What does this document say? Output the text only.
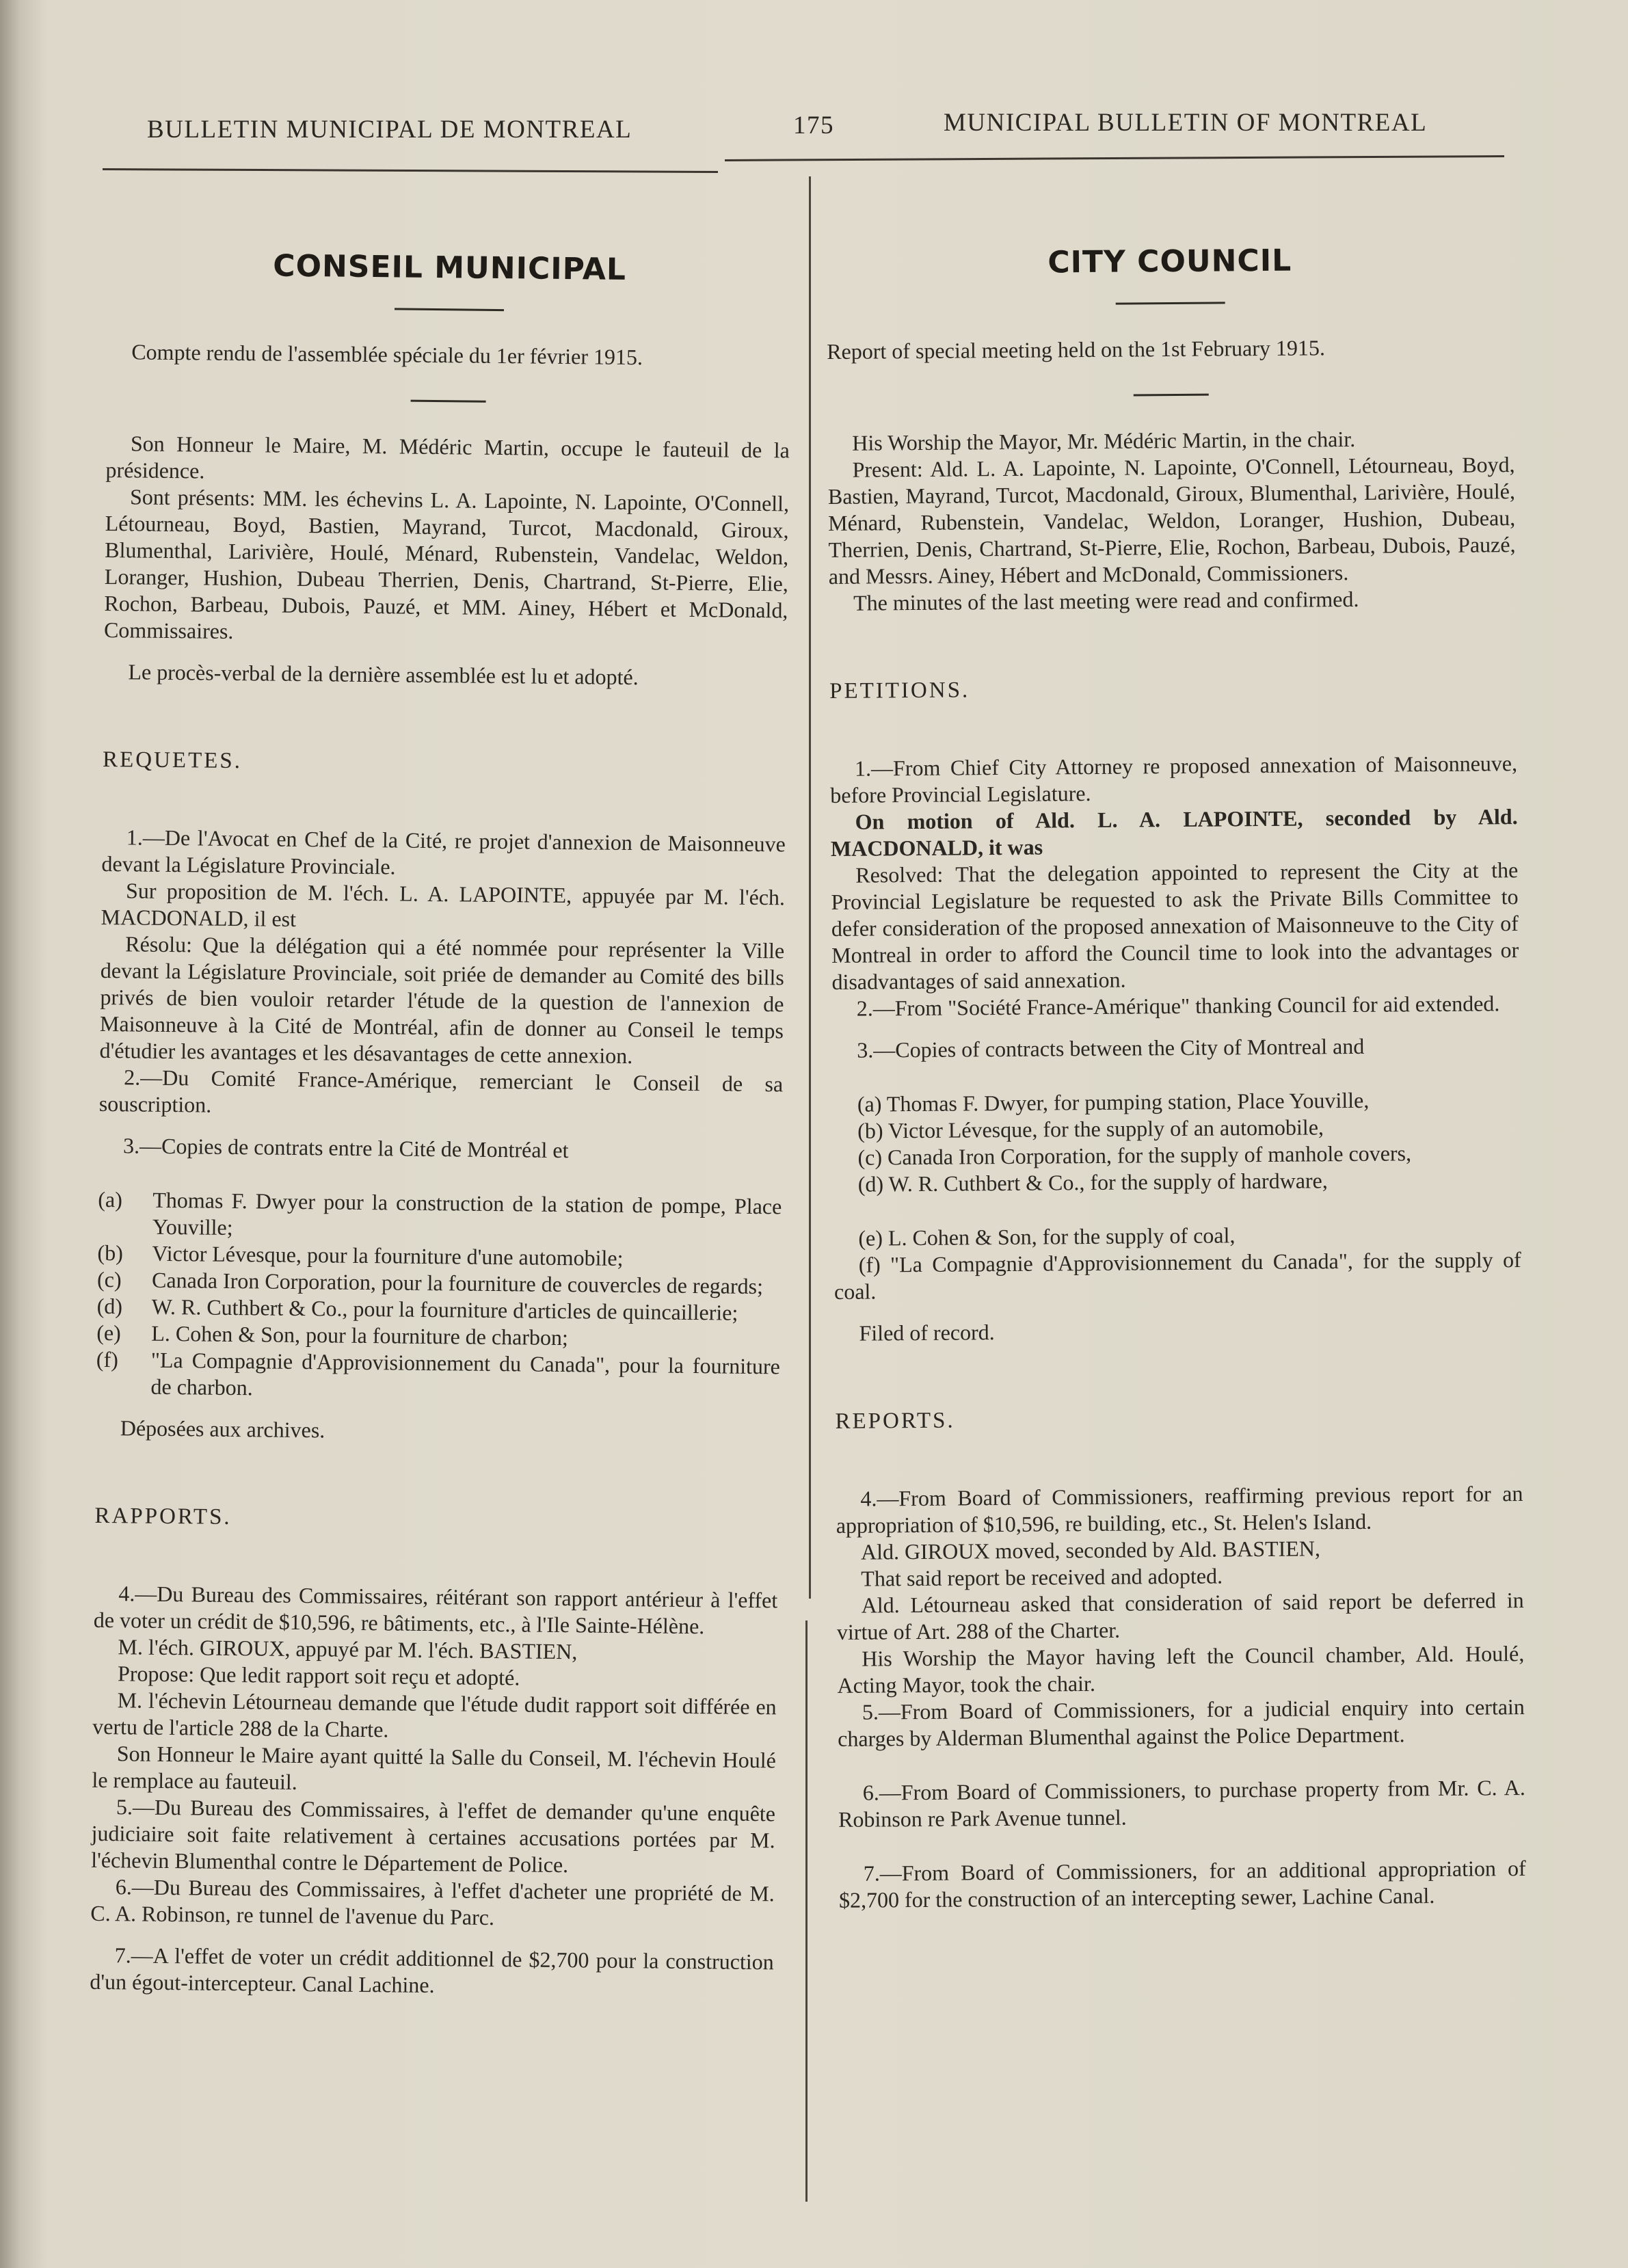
BULLETIN MUNICIPAL DE MONTREAL	175	MUNICIPAL BULLETIN OF MONTREAL
CONSEIL MUNICIPAL

Compte rendu de l'assemblée spéciale du 1er février 1915.

Son Honneur le Maire, M. Médéric Martin, occupe le fauteuil de la présidence.

Sont présents: MM. les échevins L. A. Lapointe, N. Lapointe, O'Connell, Létourneau, Boyd, Bastien, Mayrand, Turcot, Macdonald, Giroux, Blumenthal, Larivière, Houlé, Ménard, Rubenstein, Vandelac, Weldon, Loranger, Hushion, Dubeau Therrien, Denis, Chartrand, St-Pierre, Elie, Rochon, Barbeau, Dubois, Pauzé, et MM. Ainey, Hébert et McDonald, Commissaires.

Le procès-verbal de la dernière assemblée est lu et adopté.

REQUETES.

1.—De l'Avocat en Chef de la Cité, re projet d'annexion de Maisonneuve devant la Législature Provinciale.

Sur proposition de M. l'éch. L. A. LAPOINTE, appuyée par M. l'éch. MACDONALD, il est

Résolu: Que la délégation qui a été nommée pour représenter la Ville devant la Législature Provinciale, soit priée de demander au Comité des bills privés de bien vouloir retarder l'étude de la question de l'annexion de Maisonneuve à la Cité de Montréal, afin de donner au Conseil le temps d'étudier les avantages et les désavantages de cette annexion.

2.—Du Comité France-Amérique, remerciant le Conseil de sa souscription.

3.—Copies de contrats entre la Cité de Montréal et

(a)	Thomas F. Dwyer pour la construction de la station de pompe, Place Youville;
(b)	Victor Lévesque, pour la fourniture d'une automobile;
(c)	Canada Iron Corporation, pour la fourniture de couvercles de regards;
(d)	W. R. Cuthbert & Co., pour la fourniture d'articles de quincaillerie;
(e)	L. Cohen & Son, pour la fourniture de charbon;
(f)	"La Compagnie d'Approvisionnement du Canada", pour la fourniture de charbon.

Déposées aux archives.

RAPPORTS.

4.—Du Bureau des Commissaires, réitérant son rapport antérieur à l'effet de voter un crédit de $10,596, re bâtiments, etc., à l'Ile Sainte-Hélène.

M. l'éch. GIROUX, appuyé par M. l'éch. BASTIEN,

Propose: Que ledit rapport soit reçu et adopté.

M. l'échevin Létourneau demande que l'étude dudit rapport soit différée en vertu de l'article 288 de la Charte.

Son Honneur le Maire ayant quitté la Salle du Conseil, M. l'échevin Houlé le remplace au fauteuil.

5.—Du Bureau des Commissaires, à l'effet de demander qu'une enquête judiciaire soit faite relativement à certaines accusations portées par M. l'échevin Blumenthal contre le Département de Police.

6.—Du Bureau des Commissaires, à l'effet d'acheter une propriété de M. C. A. Robinson, re tunnel de l'avenue du Parc.

7.—A l'effet de voter un crédit additionnel de $2,700 pour la construction d'un égout-intercepteur. Canal Lachine.

CITY COUNCIL

Report of special meeting held on the 1st February 1915.

His Worship the Mayor, Mr. Médéric Martin, in the chair.

Present: Ald. L. A. Lapointe, N. Lapointe, O'Connell, Létourneau, Boyd, Bastien, Mayrand, Turcot, Macdonald, Giroux, Blumenthal, Larivière, Houlé, Ménard, Rubenstein, Vandelac, Weldon, Loranger, Hushion, Dubeau, Therrien, Denis, Chartrand, St-Pierre, Elie, Rochon, Barbeau, Dubois, Pauzé, and Messrs. Ainey, Hébert and McDonald, Commissioners.

The minutes of the last meeting were read and confirmed.

PETITIONS.

1.—From Chief City Attorney re proposed annexation of Maisonneuve, before Provincial Legislature.

On motion of Ald. L. A. LAPOINTE, seconded by Ald. MACDONALD, it was

Resolved: That the delegation appointed to represent the City at the Provincial Legislature be requested to ask the Private Bills Committee to defer consideration of the proposed annexation of Maisonneuve to the City of Montreal in order to afford the Council time to look into the advantages or disadvantages of said annexation.

2.—From "Société France-Amérique" thanking Council for aid extended.

3.—Copies of contracts between the City of Montreal and

(a) Thomas F. Dwyer, for pumping station, Place Youville,

(b) Victor Lévesque, for the supply of an automobile,

(c) Canada Iron Corporation, for the supply of manhole covers,

(d) W. R. Cuthbert & Co., for the supply of hardware,

(e) L. Cohen & Son, for the supply of coal,

(f) "La Compagnie d'Approvisionnement du Canada", for the supply of coal.

Filed of record.

REPORTS.

4.—From Board of Commissioners, reaffirming previous report for an appropriation of $10,596, re building, etc., St. Helen's Island.

Ald. GIROUX moved, seconded by Ald. BASTIEN,

That said report be received and adopted.

Ald. Létourneau asked that consideration of said report be deferred in virtue of Art. 288 of the Charter.

His Worship the Mayor having left the Council chamber, Ald. Houlé, Acting Mayor, took the chair.

5.—From Board of Commissioners, for a judicial enquiry into certain charges by Alderman Blumenthal against the Police Department.

6.—From Board of Commissioners, to purchase property from Mr. C. A. Robinson re Park Avenue tunnel.

7.—From Board of Commissioners, for an additional appropriation of $2,700 for the construction of an intercepting sewer, Lachine Canal.
